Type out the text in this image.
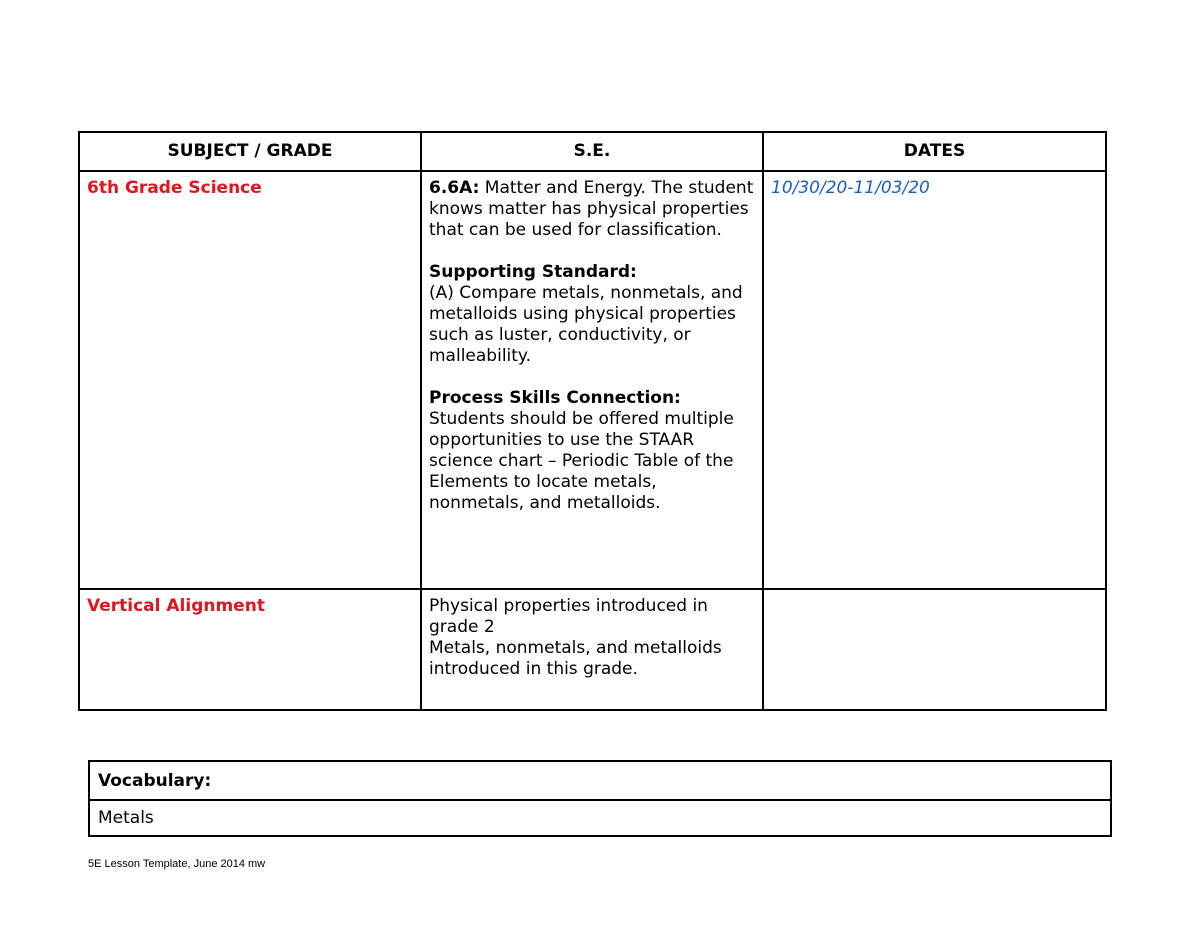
SUBJECT / GRADE	S.E.	DATES
6th Grade Science	6.6A: Matter and Energy. The student knows matter has physical properties that can be used for classification.
Supporting Standard:
(A) Compare metals, nonmetals, and metalloids using physical properties such as luster, conductivity, or malleability.
Process Skills Connection:
Students should be offered multiple opportunities to use the STAAR science chart – Periodic Table of the Elements to locate metals, nonmetals, and metalloids.	10/30/20-11/03/20
Vertical Alignment	Physical properties introduced in grade 2
Metals, nonmetals, and metalloids introduced in this grade.	

Vocabulary:
Metals
5E Lesson Template, June 2014 mw
